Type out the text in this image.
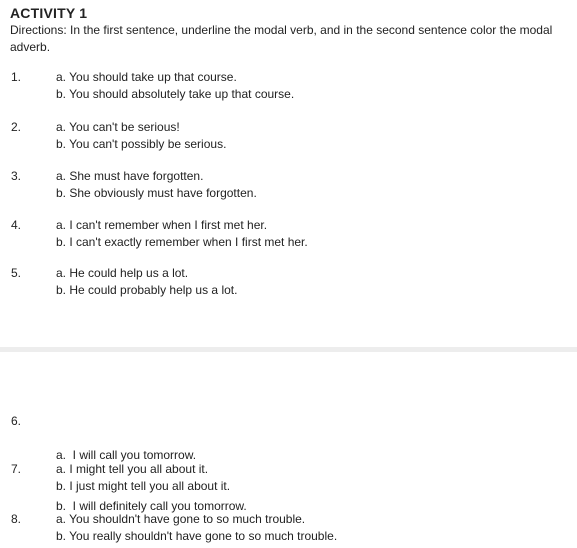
ACTIVITY 1
Directions: In the first sentence, underline the modal verb, and in the second sentence color the modal adverb.
1.	a. You should take up that course.
b. You should absolutely take up that course.
2.	a. You can't be serious!
b. You can't possibly be serious.
3.	a. She must have forgotten.
b. She obviously must have forgotten.
4.	a. I can't remember when I first met her.
b. I can't exactly remember when I first met her.
5.	a. He could help us a lot.
b. He could probably help us a lot.
6.

a.  I will call you tomorrow.

b.  I will definitely call you tomorrow.

7.	a. I might tell you all about it.
b. I just might tell you all about it.
8.	a. You shouldn't have gone to so much trouble.
b. You really shouldn't have gone to so much trouble.
